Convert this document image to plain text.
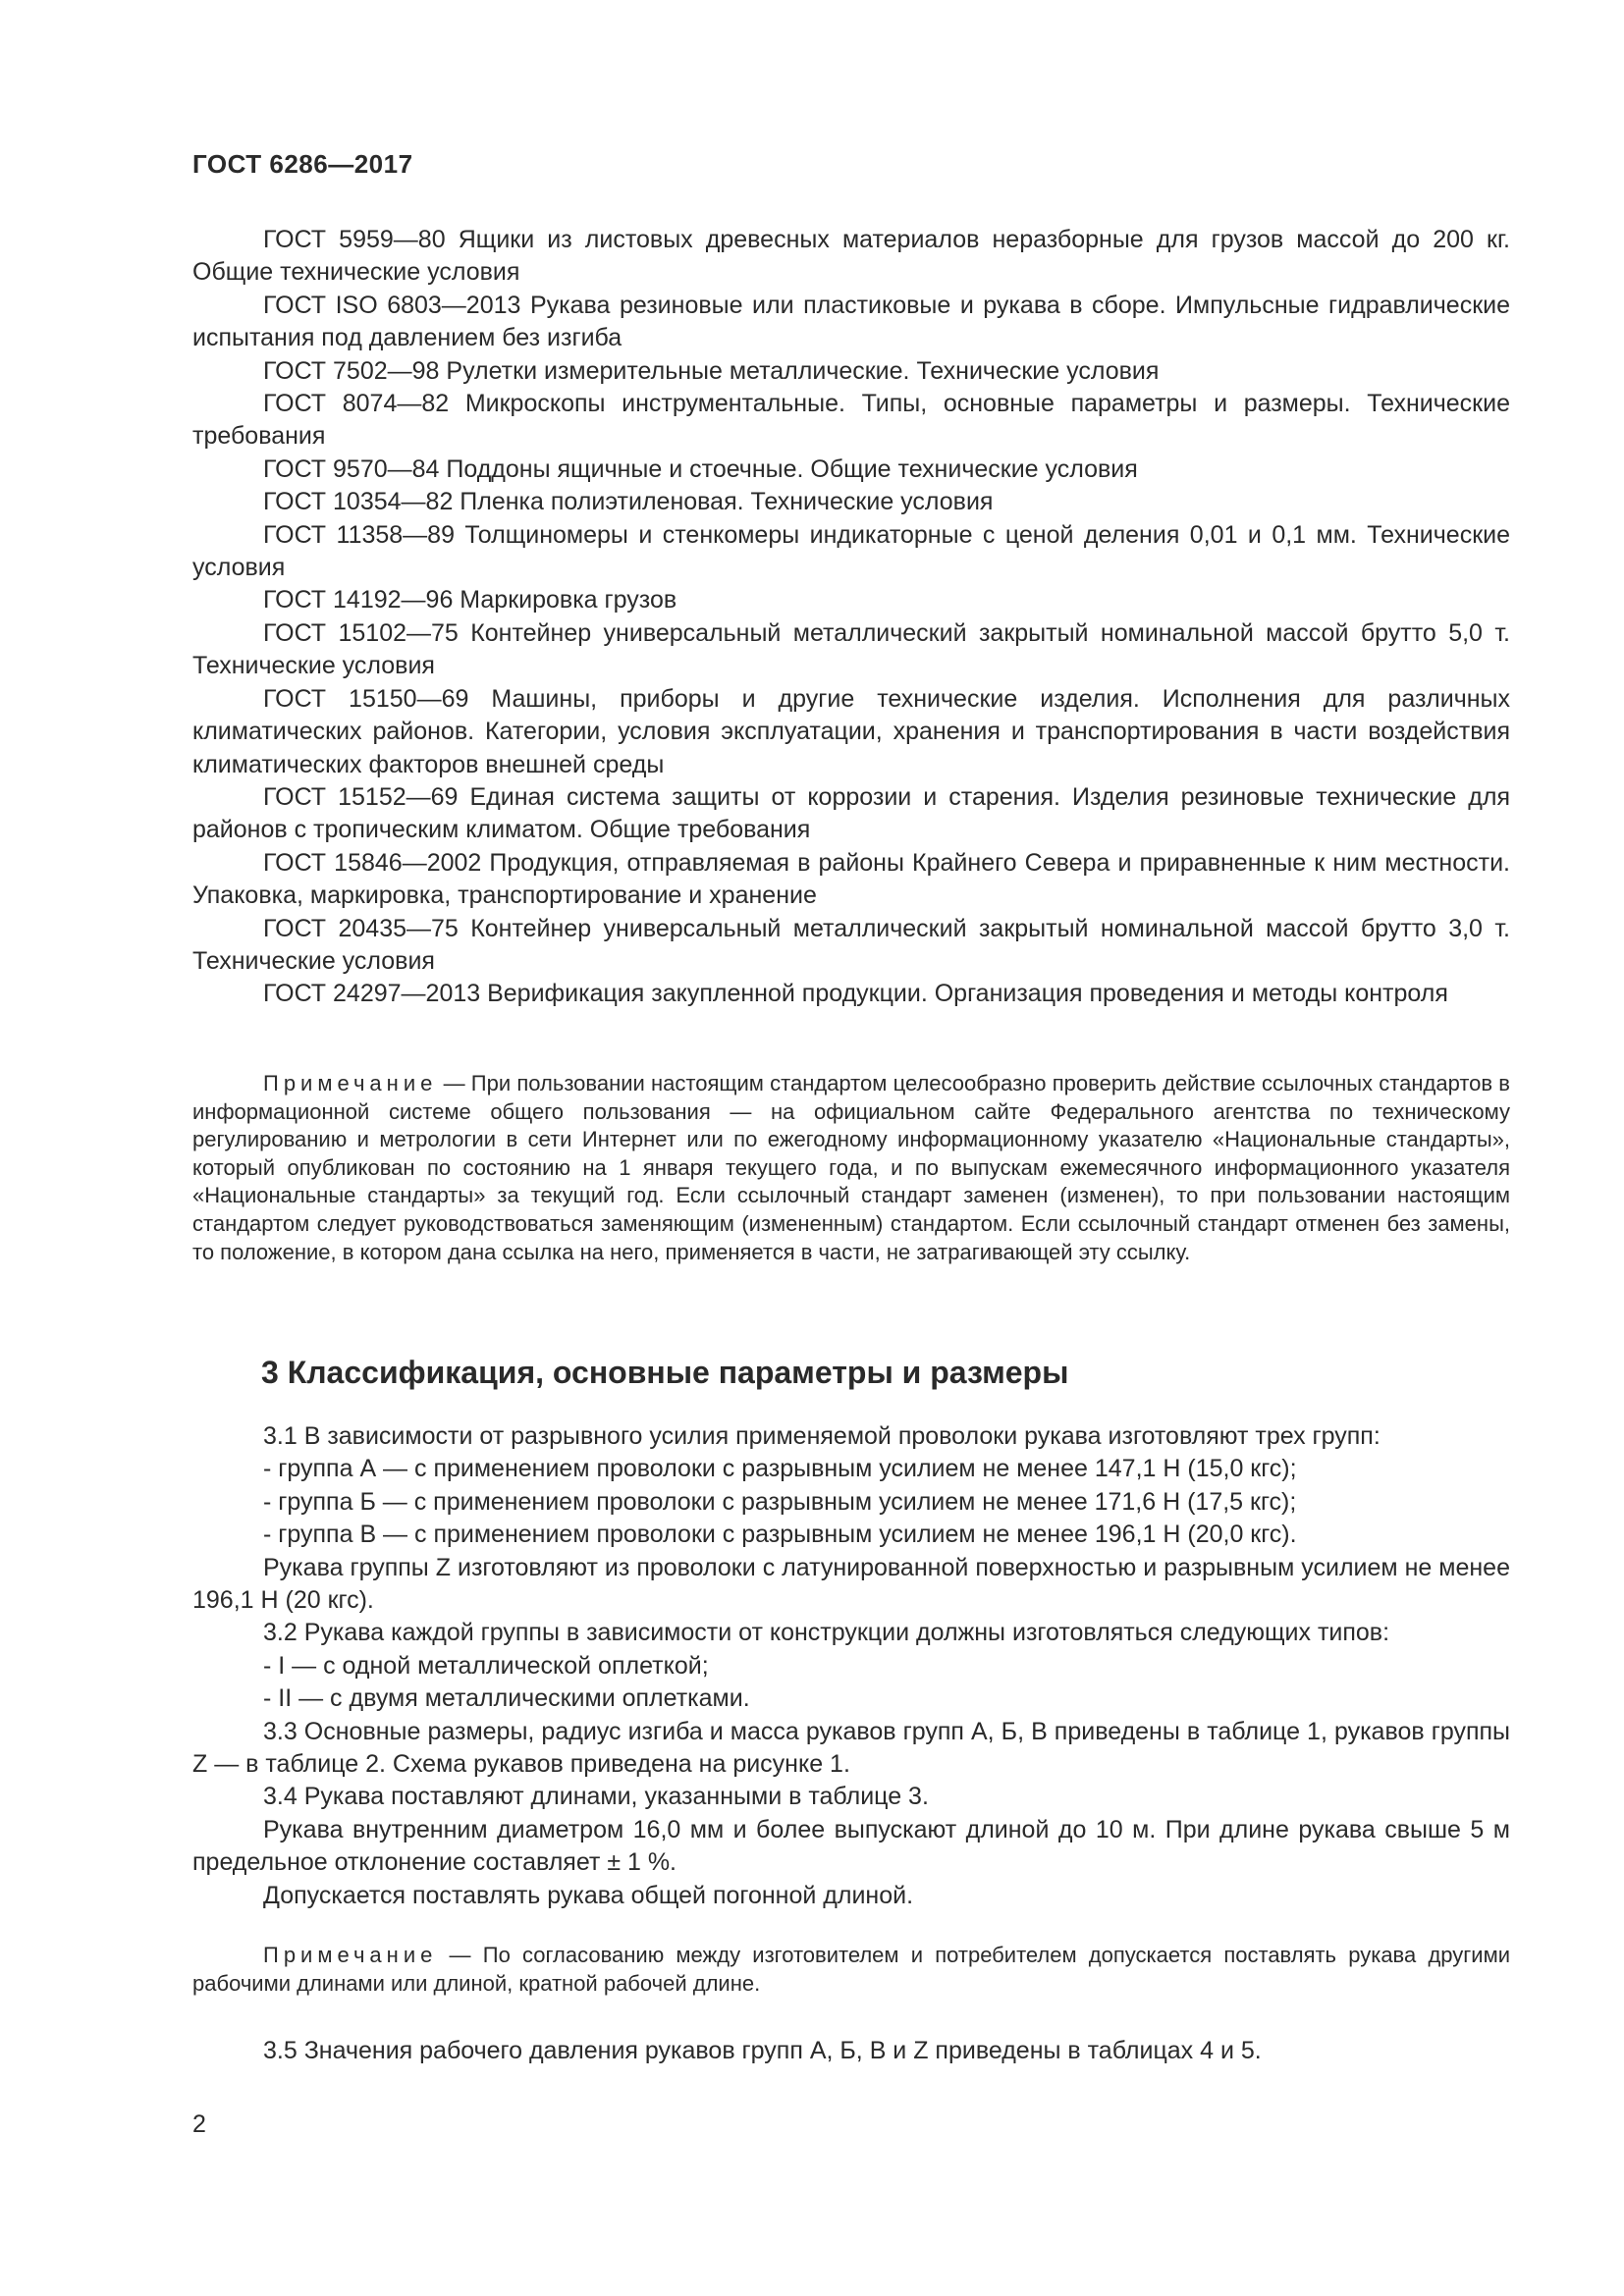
ГОСТ 6286—2017

ГОСТ 5959—80 Ящики из листовых древесных материалов неразборные для грузов массой до 200 кг. Общие технические условия

ГОСТ ISO 6803—2013 Рукава резиновые или пластиковые и рукава в сборе. Импульсные гидравлические испытания под давлением без изгиба

ГОСТ 7502—98 Рулетки измерительные металлические. Технические условия

ГОСТ 8074—82 Микроскопы инструментальные. Типы, основные параметры и размеры. Технические требования

ГОСТ 9570—84 Поддоны ящичные и стоечные. Общие технические условия

ГОСТ 10354—82 Пленка полиэтиленовая. Технические условия

ГОСТ 11358—89 Толщиномеры и стенкомеры индикаторные с ценой деления 0,01 и 0,1 мм. Технические условия

ГОСТ 14192—96 Маркировка грузов

ГОСТ 15102—75 Контейнер универсальный металлический закрытый номинальной массой брутто 5,0 т. Технические условия

ГОСТ 15150—69 Машины, приборы и другие технические изделия. Исполнения для различных климатических районов. Категории, условия эксплуатации, хранения и транспортирования в части воздействия климатических факторов внешней среды

ГОСТ 15152—69 Единая система защиты от коррозии и старения. Изделия резиновые технические для районов с тропическим климатом. Общие требования

ГОСТ 15846—2002 Продукция, отправляемая в районы Крайнего Севера и приравненные к ним местности. Упаковка, маркировка, транспортирование и хранение

ГОСТ 20435—75 Контейнер универсальный металлический закрытый номинальной массой брутто 3,0 т. Технические условия

ГОСТ 24297—2013 Верификация закупленной продукции. Организация проведения и методы контроля

Примечание — При пользовании настоящим стандартом целесообразно проверить действие ссылочных стандартов в информационной системе общего пользования — на официальном сайте Федерального агентства по техническому регулированию и метрологии в сети Интернет или по ежегодному информационному указателю «Национальные стандарты», который опубликован по состоянию на 1 января текущего года, и по выпускам ежемесячного информационного указателя «Национальные стандарты» за текущий год. Если ссылочный стандарт заменен (изменен), то при пользовании настоящим стандартом следует руководствоваться заменяющим (измененным) стандартом. Если ссылочный стандарт отменен без замены, то положение, в котором дана ссылка на него, применяется в части, не затрагивающей эту ссылку.

3 Классификация, основные параметры и размеры

3.1 В зависимости от разрывного усилия применяемой проволоки рукава изготовляют трех групп:

- группа А — с применением проволоки с разрывным усилием не менее 147,1 Н (15,0 кгс);

- группа Б — с применением проволоки с разрывным усилием не менее 171,6 Н (17,5 кгс);

- группа В — с применением проволоки с разрывным усилием не менее 196,1 Н (20,0 кгс).

Рукава группы Z изготовляют из проволоки с латунированной поверхностью и разрывным усилием не менее 196,1 Н (20 кгс).

3.2 Рукава каждой группы в зависимости от конструкции должны изготовляться следующих типов:

- I — с одной металлической оплеткой;

- II — с двумя металлическими оплетками.

3.3 Основные размеры, радиус изгиба и масса рукавов групп А, Б, В приведены в таблице 1, рукавов группы Z — в таблице 2. Схема рукавов приведена на рисунке 1.

3.4 Рукава поставляют длинами, указанными в таблице 3.

Рукава внутренним диаметром 16,0 мм и более выпускают длиной до 10 м. При длине рукава свыше 5 м предельное отклонение составляет ± 1 %.

Допускается поставлять рукава общей погонной длиной.

Примечание — По согласованию между изготовителем и потребителем допускается поставлять рукава другими рабочими длинами или длиной, кратной рабочей длине.

3.5 Значения рабочего давления рукавов групп А, Б, В и Z приведены в таблицах 4 и 5.
2
